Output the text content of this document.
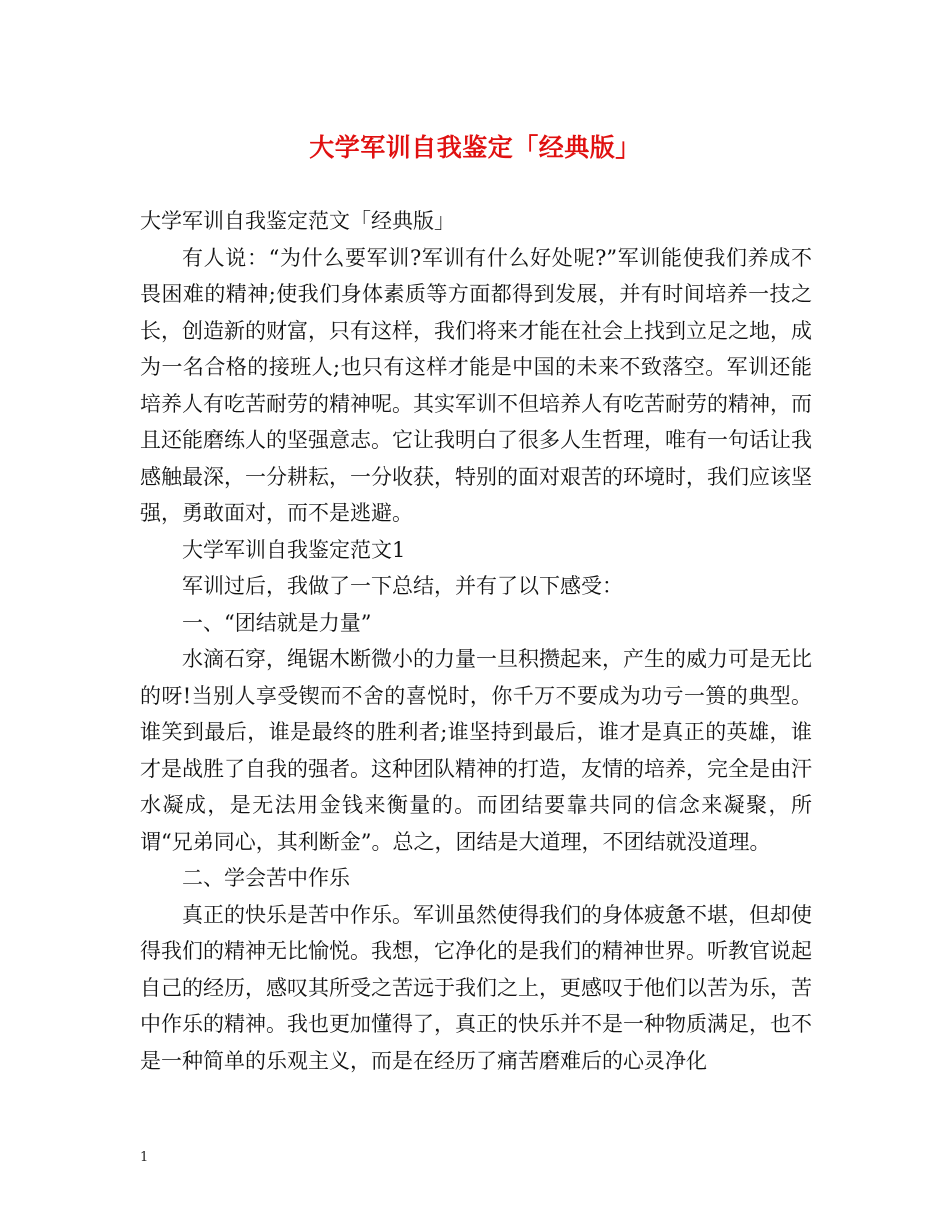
大学军训自我鉴定「经典版」

大学军训自我鉴定范文「经典版」

有人说：“为什么要军训?军训有什么好处呢?”军训能使我们养成不畏困难的精神;使我们身体素质等方面都得到发展，并有时间培养一技之长，创造新的财富，只有这样，我们将来才能在社会上找到立足之地，成为一名合格的接班人;也只有这样才能是中国的未来不致落空。军训还能培养人有吃苦耐劳的精神呢。其实军训不但培养人有吃苦耐劳的精神，而且还能磨练人的坚强意志。它让我明白了很多人生哲理，唯有一句话让我感触最深，一分耕耘，一分收获，特别的面对艰苦的环境时，我们应该坚强，勇敢面对，而不是逃避。

大学军训自我鉴定范文1

军训过后，我做了一下总结，并有了以下感受：

一、“团结就是力量”

水滴石穿，绳锯木断微小的力量一旦积攒起来，产生的威力可是无比的呀!当别人享受锲而不舍的喜悦时，你千万不要成为功亏一篑的典型。谁笑到最后，谁是最终的胜利者;谁坚持到最后，谁才是真正的英雄，谁才是战胜了自我的强者。这种团队精神的打造，友情的培养，完全是由汗水凝成，是无法用金钱来衡量的。而团结要靠共同的信念来凝聚，所谓“兄弟同心，其利断金”。总之，团结是大道理，不团结就没道理。

二、学会苦中作乐

真正的快乐是苦中作乐。军训虽然使得我们的身体疲惫不堪，但却使得我们的精神无比愉悦。我想，它净化的是我们的精神世界。听教官说起自己的经历，感叹其所受之苦远于我们之上，更感叹于他们以苦为乐，苦中作乐的精神。我也更加懂得了，真正的快乐并不是一种物质满足，也不是一种简单的乐观主义，而是在经历了痛苦磨难后的心灵净化

1
